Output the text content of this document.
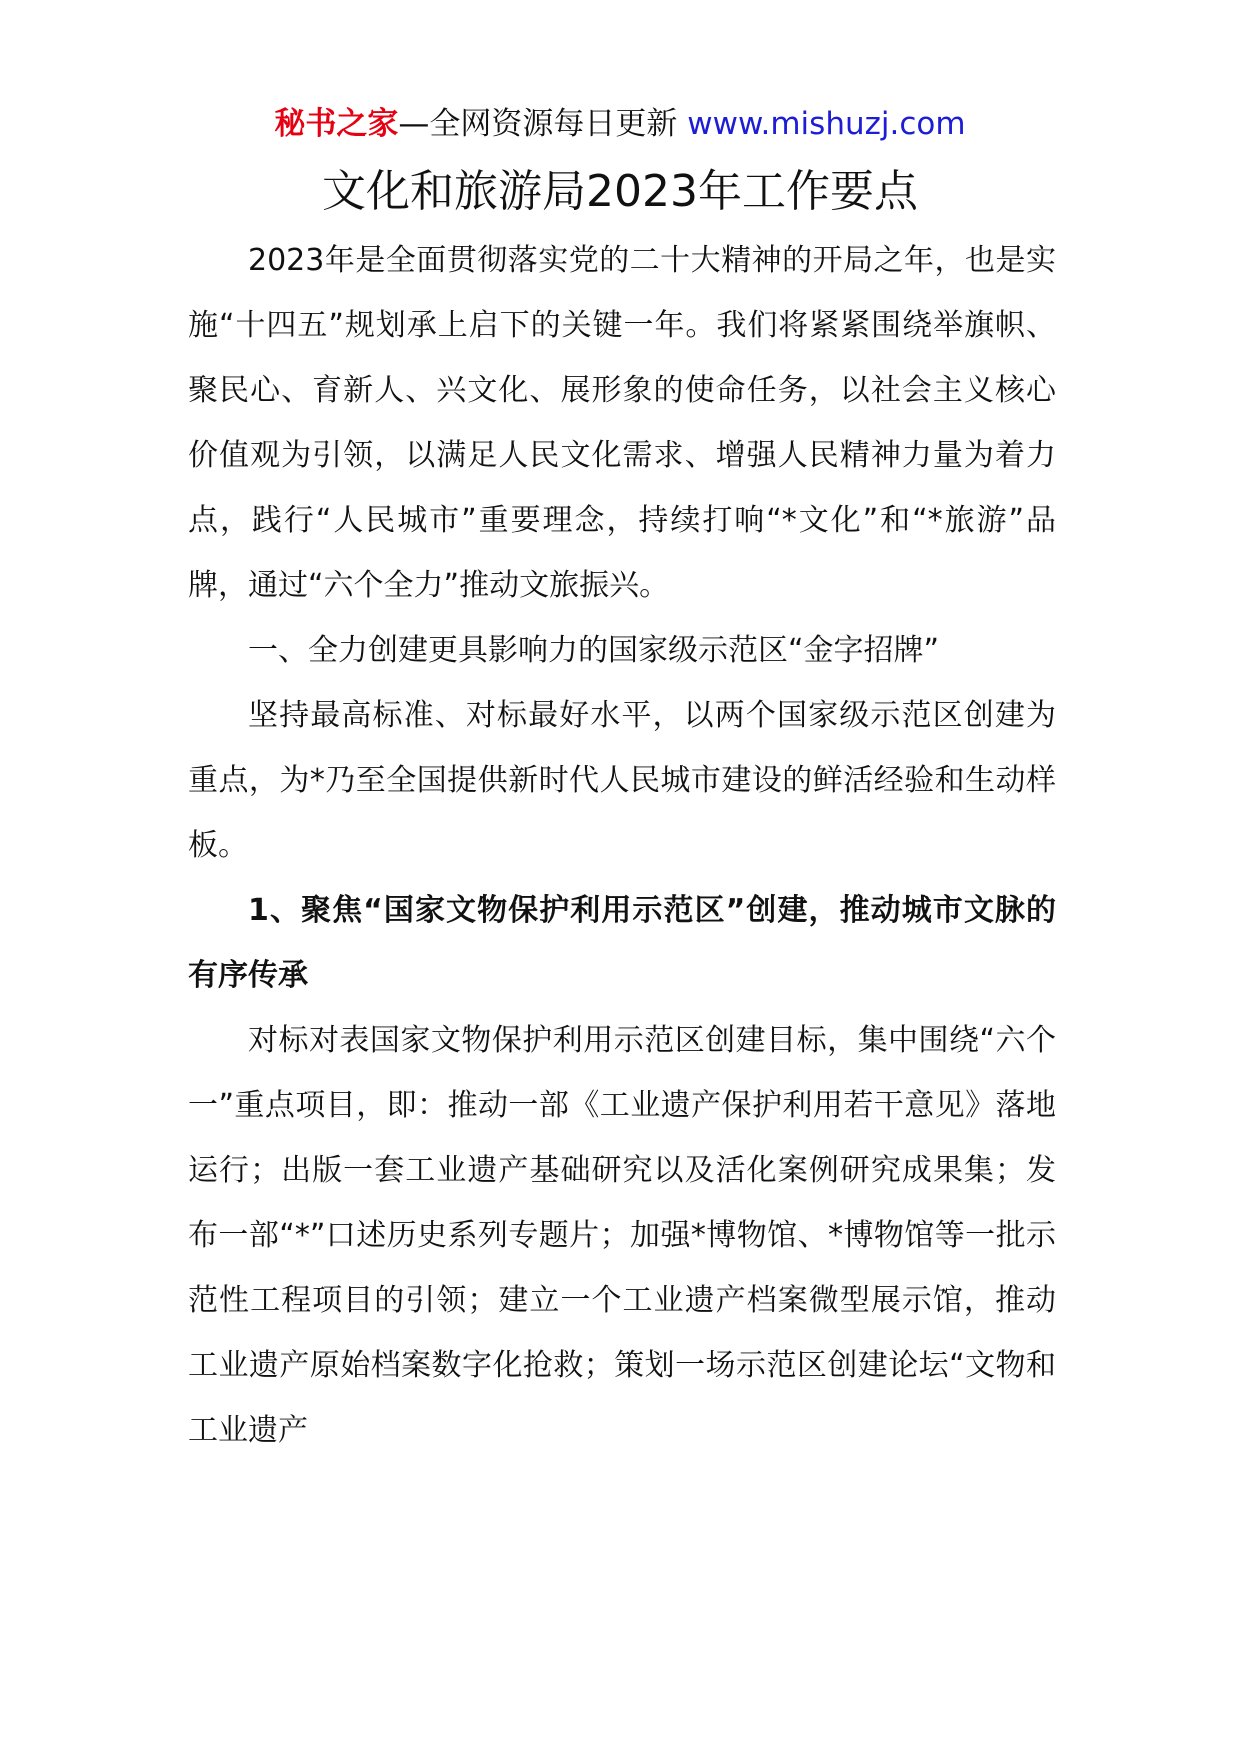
秘书之家—全网资源每日更新 www.mishuzj.com
文化和旅游局2023年工作要点

2023年是全面贯彻落实党的二十大精神的开局之年，也是实施“十四五”规划承上启下的关键一年。我们将紧紧围绕举旗帜、聚民心、育新人、兴文化、展形象的使命任务，以社会主义核心价值观为引领，以满足人民文化需求、增强人民精神力量为着力点，践行“人民城市”重要理念，持续打响“*文化”和“*旅游”品牌，通过“六个全力”推动文旅振兴。

一、全力创建更具影响力的国家级示范区“金字招牌”

坚持最高标准、对标最好水平，以两个国家级示范区创建为重点，为*乃至全国提供新时代人民城市建设的鲜活经验和生动样板。

1、聚焦“国家文物保护利用示范区”创建，推动城市文脉的有序传承

对标对表国家文物保护利用示范区创建目标，集中围绕“六个一”重点项目，即：推动一部《工业遗产保护利用若干意见》落地运行；出版一套工业遗产基础研究以及活化案例研究成果集；发布一部“*”口述历史系列专题片；加强*博物馆、*博物馆等一批示范性工程项目的引领；建立一个工业遗产档案微型展示馆，推动工业遗产原始档案数字化抢救；策划一场示范区创建论坛“文物和工业遗产
